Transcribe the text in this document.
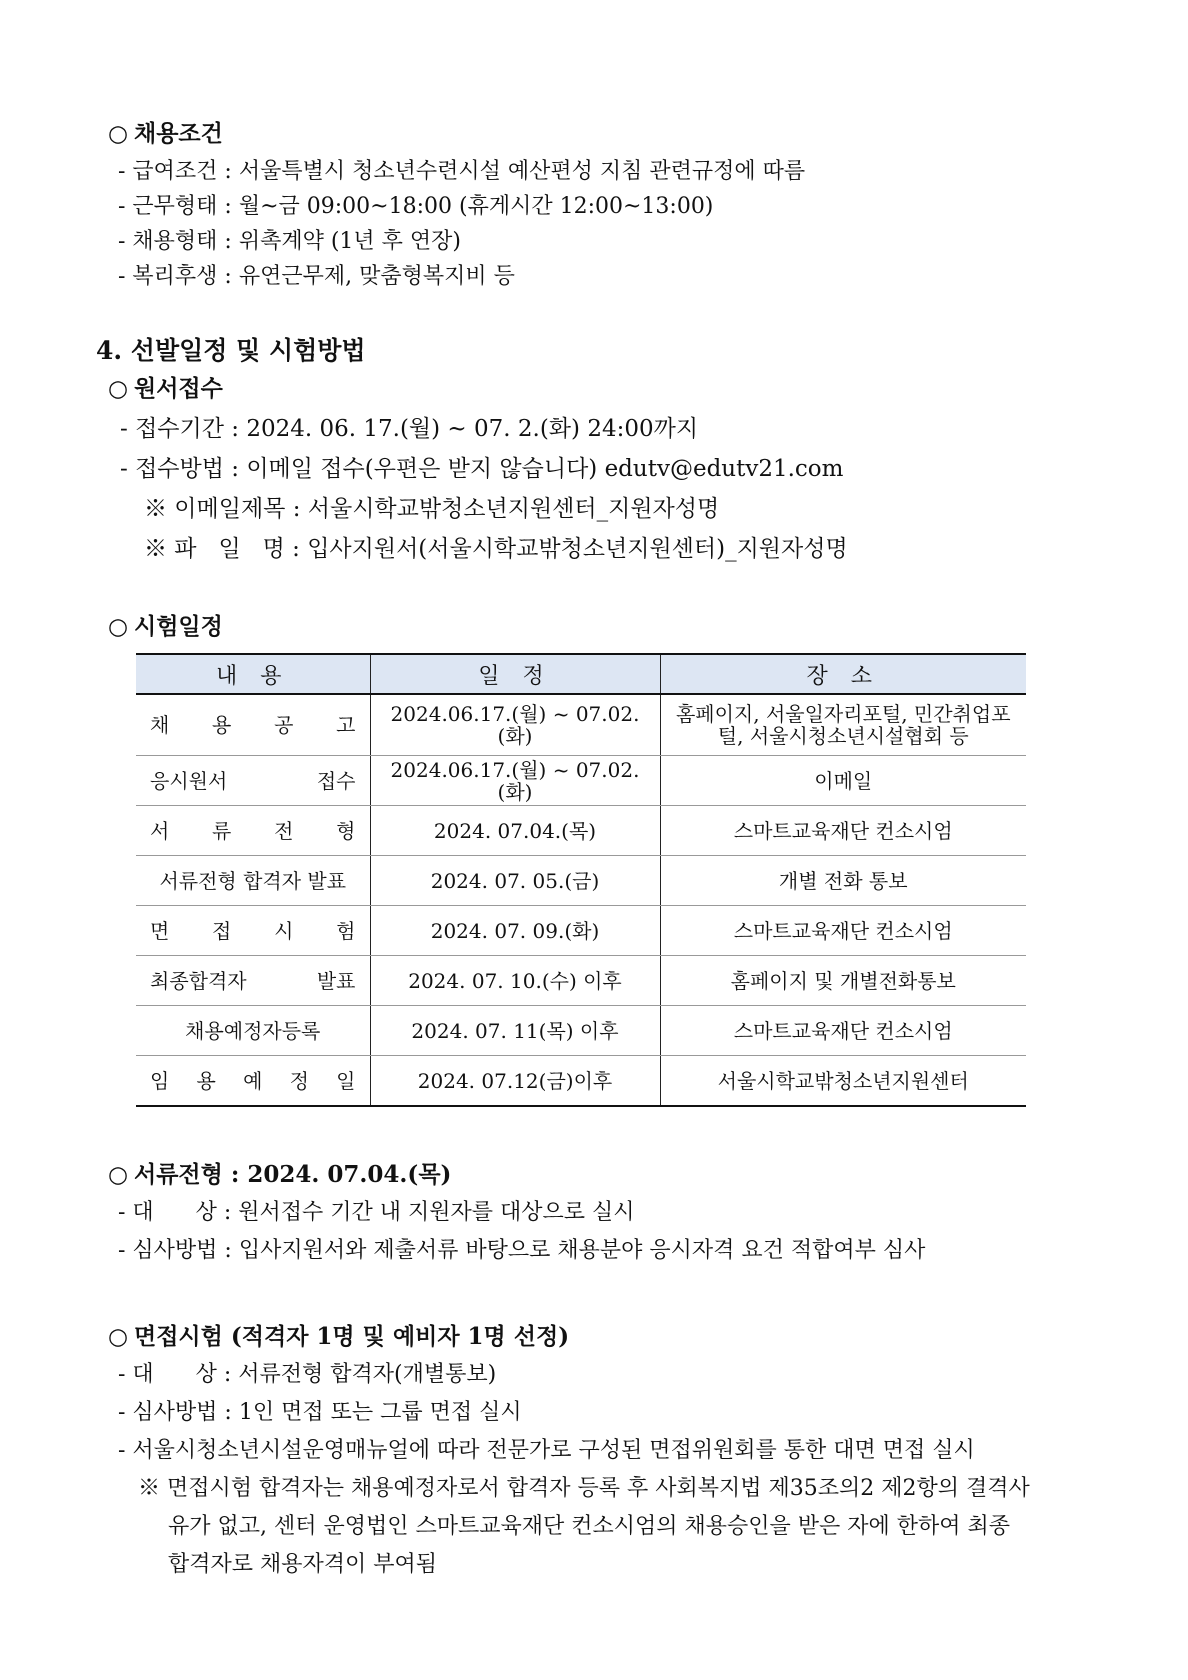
○ 채용조건
- 급여조건 : 서울특별시 청소년수련시설 예산편성 지침 관련규정에 따름
- 근무형태 : 월~금 09:00~18:00 (휴게시간 12:00~13:00)
- 채용형태 : 위촉계약 (1년 후 연장)
- 복리후생 : 유연근무제, 맞춤형복지비 등
4. 선발일정 및 시험방법
○ 원서접수
- 접수기간 : 2024. 06. 17.(월) ~ 07. 2.(화) 24:00까지
- 접수방법 : 이메일 접수(우편은 받지 않습니다) edutv@edutv21.com
※ 이메일제목 : 서울시학교밖청소년지원센터_지원자성명
※ 파   일   명 : 입사지원서(서울시학교밖청소년지원센터)_지원자성명
○ 시험일정
내 용	일 정	장 소

채 용 공 고	2024.06.17.(월) ~ 07.02.(화)	홈페이지, 서울일자리포털, 민간취업포털, 서울시청소년시설협회 등

응시원서 접수	2024.06.17.(월) ~ 07.02.(화)	이메일

서 류 전 형	2024. 07.04.(목)	스마트교육재단 컨소시엄
서류전형 합격자 발표	2024. 07. 05.(금)	개별 전화 통보

면 접 시 험	2024. 07. 09.(화)	스마트교육재단 컨소시엄

최종합격자 발표	2024. 07. 10.(수) 이후	홈페이지 및 개별전화통보

채용예정자등록	2024. 07. 11(목) 이후	스마트교육재단 컨소시엄

임 용 예 정 일	2024. 07.12(금)이후	서울시학교밖청소년지원센터
○ 서류전형 : 2024. 07.04.(목)
- 대      상 : 원서접수 기간 내 지원자를 대상으로 실시
- 심사방법 : 입사지원서와 제출서류 바탕으로 채용분야 응시자격 요건 적합여부 심사
○ 면접시험 (적격자 1명 및 예비자 1명 선정)
- 대      상 : 서류전형 합격자(개별통보)
- 심사방법 : 1인 면접 또는 그룹 면접 실시
- 서울시청소년시설운영매뉴얼에 따라 전문가로 구성된 면접위원회를 통한 대면 면접 실시
※ 면접시험 합격자는 채용예정자로서 합격자 등록 후 사회복지법 제35조의2 제2항의 결격사
유가 없고, 센터 운영법인 스마트교육재단 컨소시엄의 채용승인을 받은 자에 한하여 최종
합격자로 채용자격이 부여됨
